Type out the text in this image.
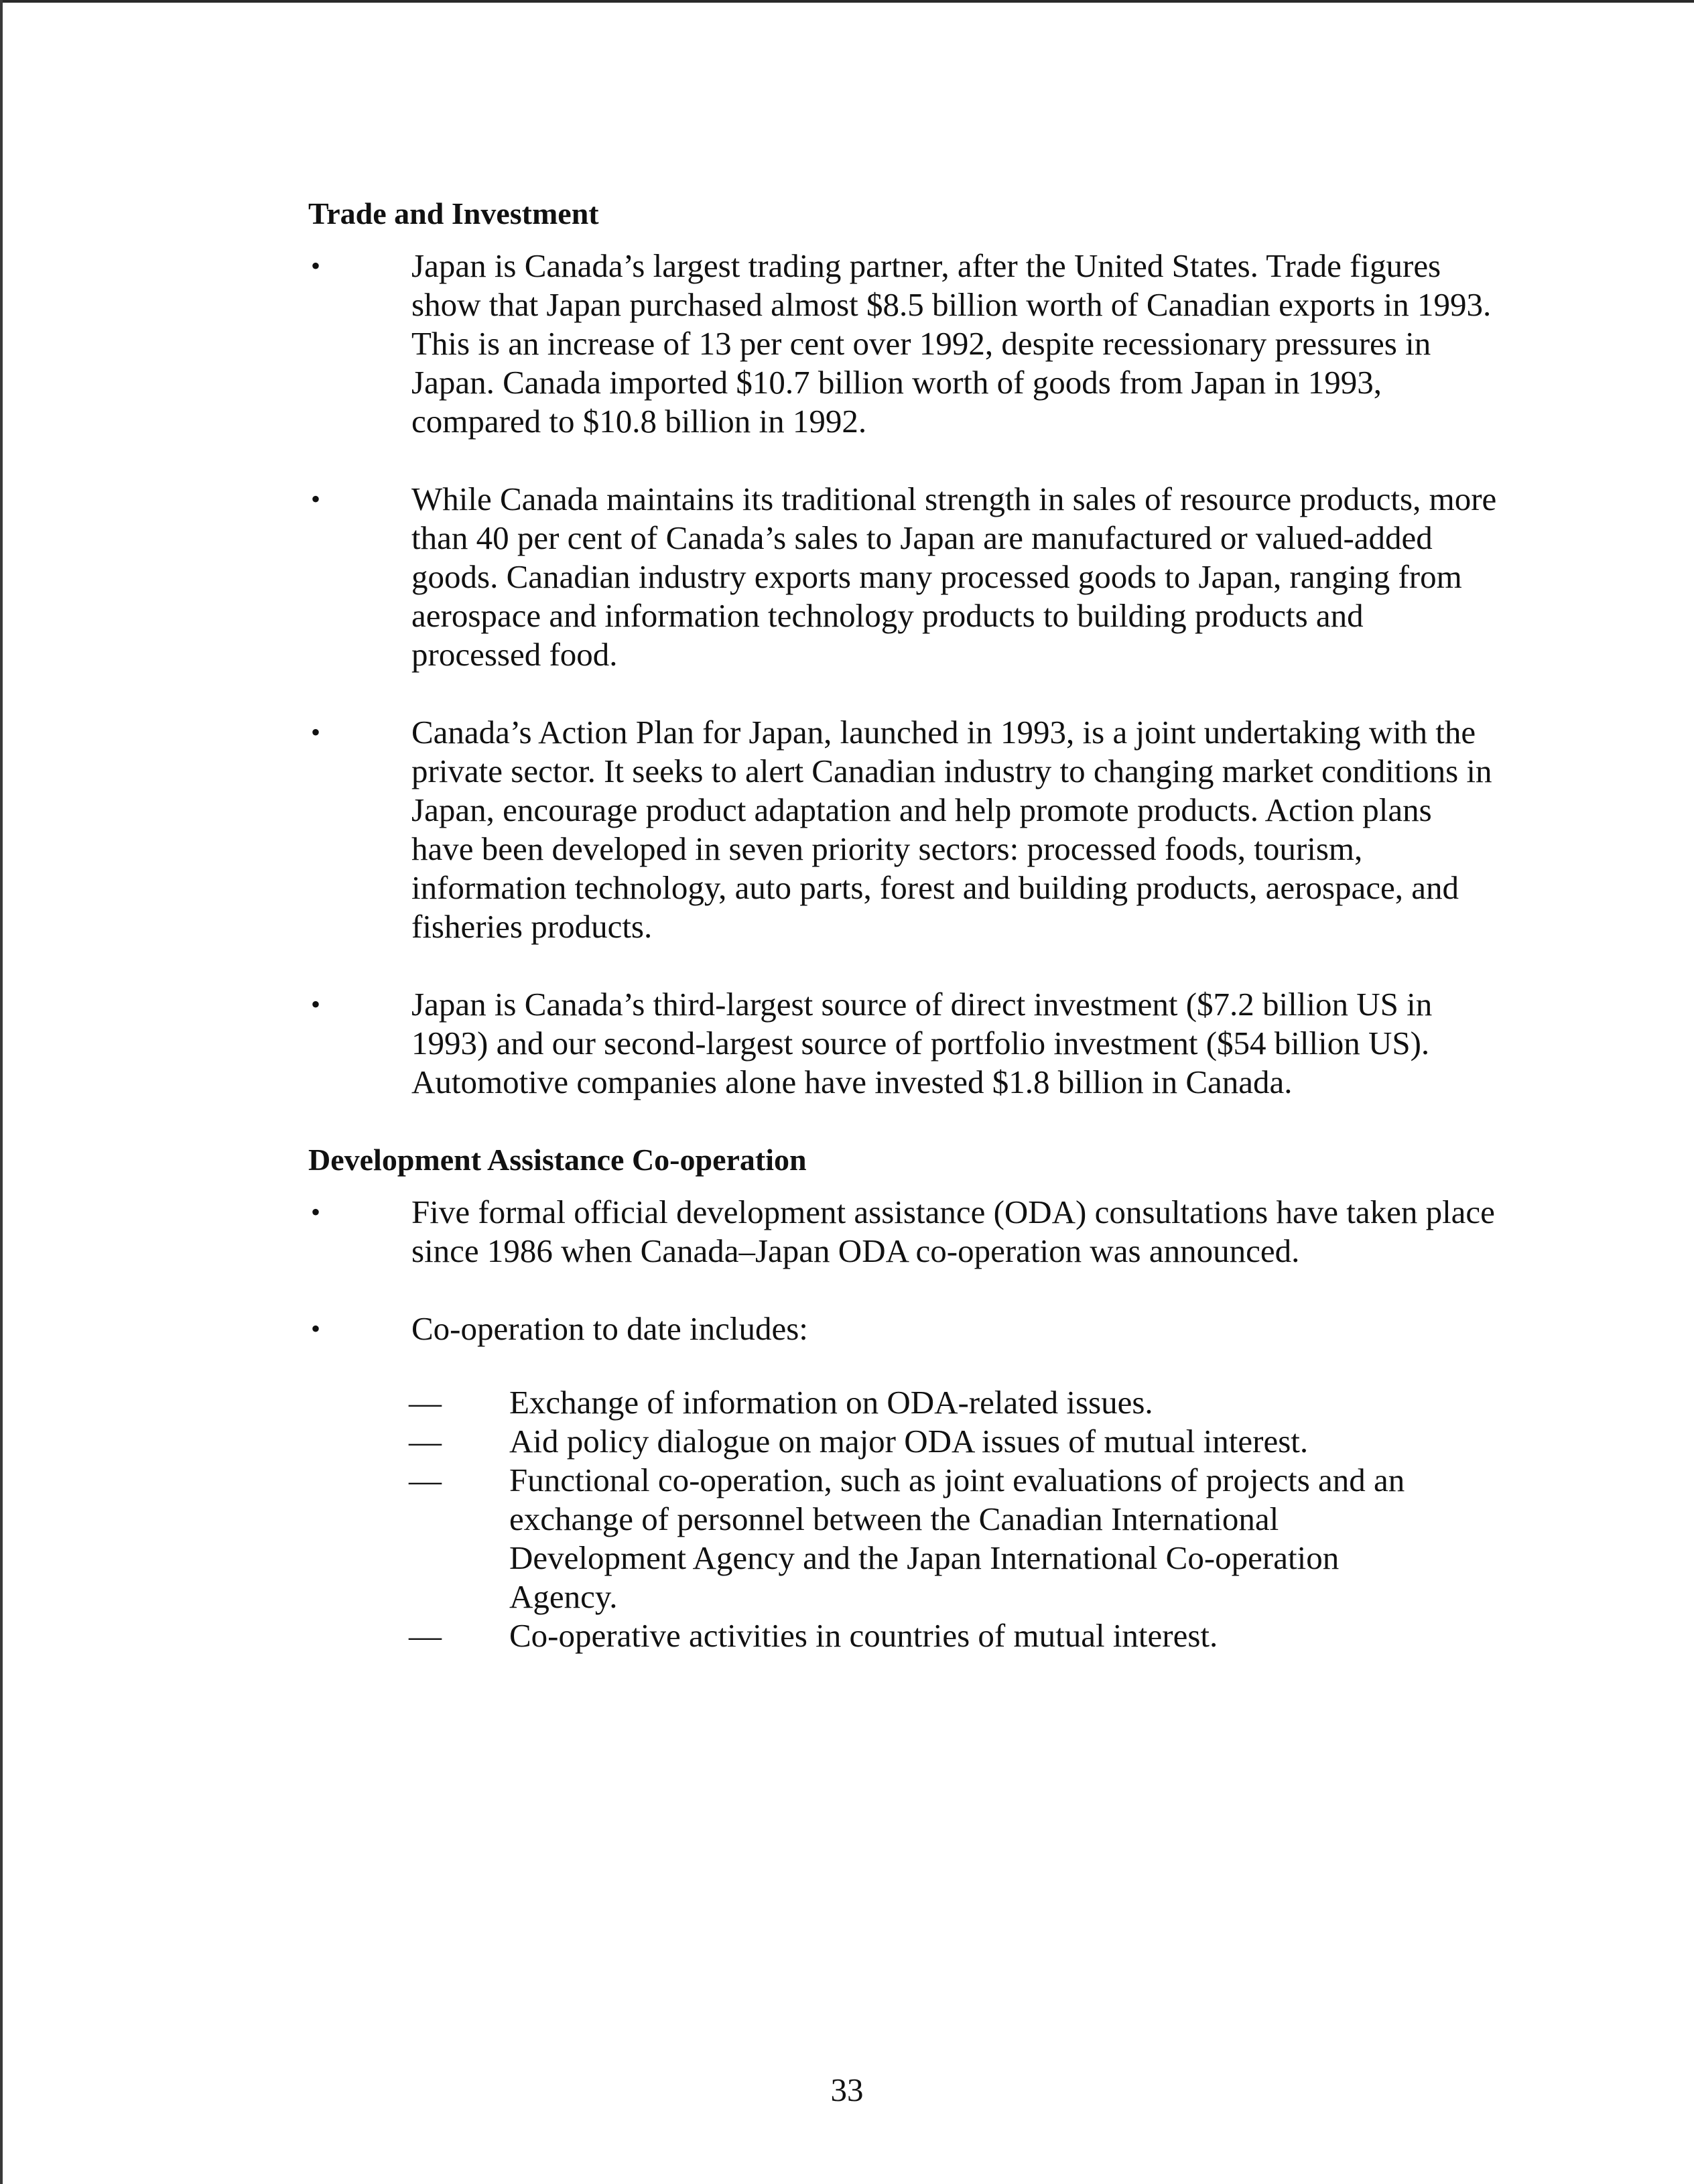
Trade and Investment
•	Japan is Canada’s largest trading partner, after the United States. Trade figures show that Japan purchased almost $8.5 billion worth of Canadian exports in 1993. This is an increase of 13 per cent over 1992, despite recessionary pressures in Japan. Canada imported $10.7 billion worth of goods from Japan in 1993, compared to $10.8 billion in 1992.
•	While Canada maintains its traditional strength in sales of resource products, more than 40 per cent of Canada’s sales to Japan are manufactured or valued-added goods. Canadian industry exports many processed goods to Japan, ranging from aerospace and information technology products to building products and processed food.
•	Canada’s Action Plan for Japan, launched in 1993, is a joint undertaking with the private sector. It seeks to alert Canadian industry to changing market conditions in Japan, encourage product adaptation and help promote products. Action plans have been developed in seven priority sectors: processed foods, tourism, information technology, auto parts, forest and building products, aerospace, and fisheries products.
•	Japan is Canada’s third-largest source of direct investment ($7.2 billion US in 1993) and our second-largest source of portfolio investment ($54 billion US). Automotive companies alone have invested $1.8 billion in Canada.
Development Assistance Co-operation
•	Five formal official development assistance (ODA) consultations have taken place since 1986 when Canada–Japan ODA co-operation was announced.
•	Co-operation to date includes:
—	Exchange of information on ODA-related issues.
—	Aid policy dialogue on major ODA issues of mutual interest.
—	Functional co-operation, such as joint evaluations of projects and an exchange of personnel between the Canadian International Development Agency and the Japan International Co-operation Agency.
—	Co-operative activities in countries of mutual interest.
33
